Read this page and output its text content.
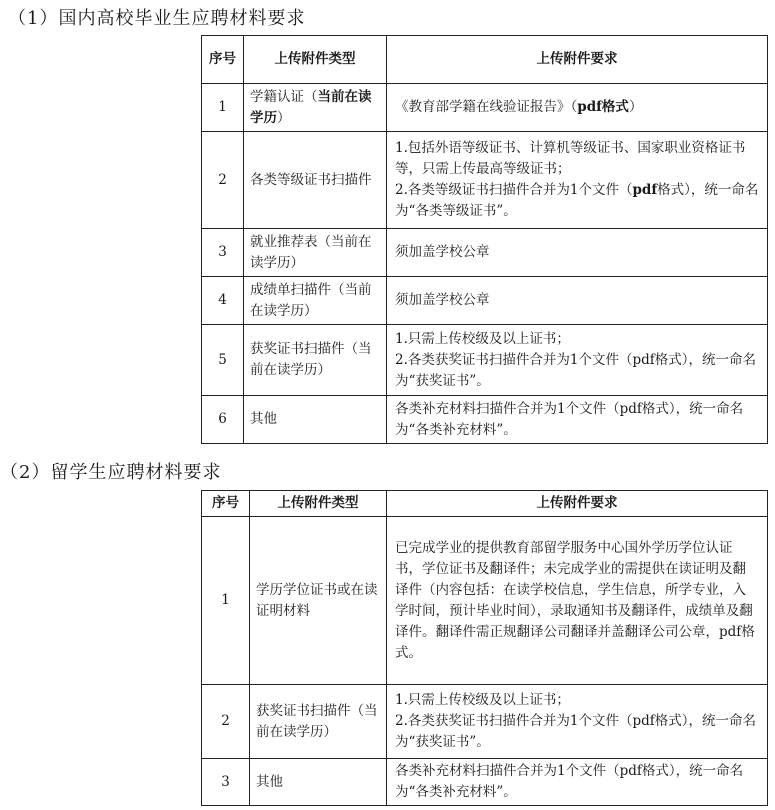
（1）国内高校毕业生应聘材料要求
序号	上传附件类型	上传附件要求
1	学籍认证（当前在读学历）	《教育部学籍在线验证报告》（pdf格式）
2	各类等级证书扫描件	1.包括外语等级证书、计算机等级证书、国家职业资格证书等，只需上传最高等级证书；
2.各类等级证书扫描件合并为1个文件（pdf格式），统一命名为“各类等级证书”。

3	就业推荐表（当前在读学历）	须加盖学校公章
4	成绩单扫描件（当前在读学历）	须加盖学校公章
5	获奖证书扫描件（当前在读学历）	1.只需上传校级及以上证书；
2.各类获奖证书扫描件合并为1个文件（pdf格式），统一命名为“获奖证书”。

6	其他	各类补充材料扫描件合并为1个文件（pdf格式），统一命名为“各类补充材料”。
（2）留学生应聘材料要求
序号	上传附件类型	上传附件要求
1	学历学位证书或在读证明材料	已完成学业的提供教育部留学服务中心国外学历学位认证书，学位证书及翻译件；未完成学业的需提供在读证明及翻译件（内容包括：在读学校信息，学生信息，所学专业，入学时间，预计毕业时间），录取通知书及翻译件，成绩单及翻译件。翻译件需正规翻译公司翻译并盖翻译公司公章，pdf格式。
2	获奖证书扫描件（当前在读学历）	1.只需上传校级及以上证书；
2.各类获奖证书扫描件合并为1个文件（pdf格式），统一命名为“获奖证书”。

3	其他	各类补充材料扫描件合并为1个文件（pdf格式），统一命名为“各类补充材料”。
